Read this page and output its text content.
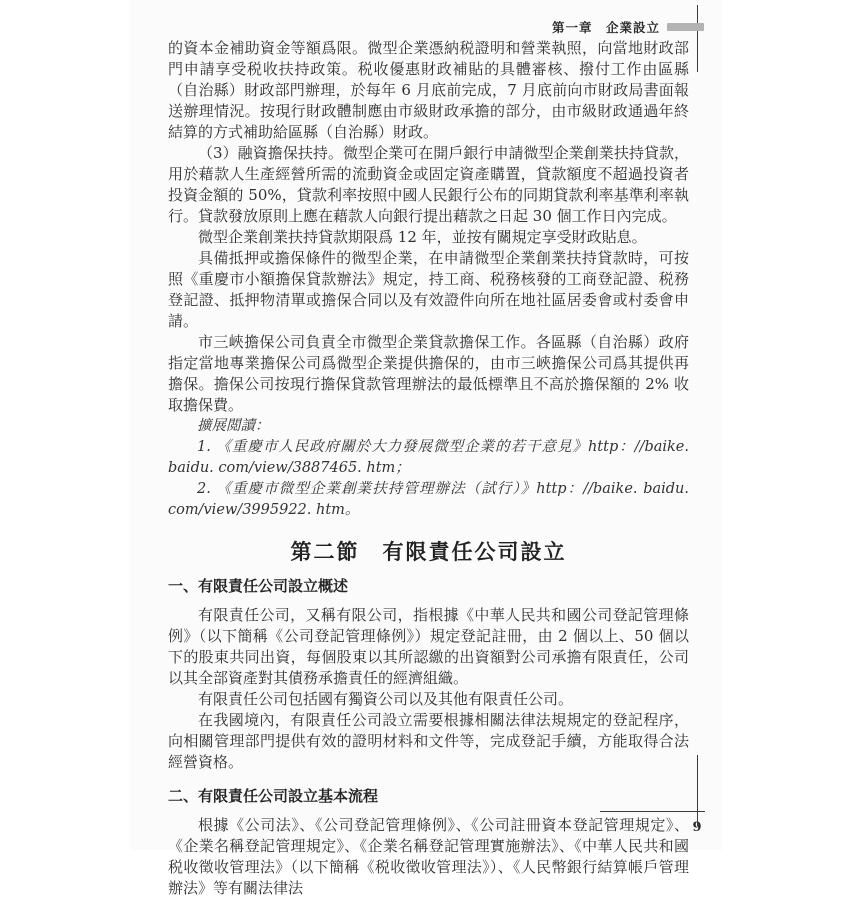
第一章　企業設立

的資本金補助資金等額爲限。微型企業憑納税證明和營業執照，向當地財政部門申請享受税收扶持政策。税收優惠財政補貼的具體審核、撥付工作由區縣（自治縣）財政部門辦理，於每年 6 月底前完成，7 月底前向市財政局書面報送辦理情況。按現行財政體制應由市級財政承擔的部分，由市級財政通過年終結算的方式補助給區縣（自治縣）財政。

（3）融資擔保扶持。微型企業可在開戶銀行申請微型企業創業扶持貸款，用於藉款人生產經營所需的流動資金或固定資產購置，貸款額度不超過投資者投資金額的 50%，貸款利率按照中國人民銀行公布的同期貸款利率基準利率執行。貸款發放原則上應在藉款人向銀行提出藉款之日起 30 個工作日內完成。

微型企業創業扶持貸款期限爲 12 年，並按有關規定享受財政貼息。

具備抵押或擔保條件的微型企業，在申請微型企業創業扶持貸款時，可按照《重慶市小額擔保貸款辦法》規定，持工商、税務核發的工商登記證、税務登記證、抵押物清單或擔保合同以及有效證件向所在地社區居委會或村委會申請。

市三峽擔保公司負責全市微型企業貸款擔保工作。各區縣（自治縣）政府指定當地專業擔保公司爲微型企業提供擔保的，由市三峽擔保公司爲其提供再擔保。擔保公司按現行擔保貸款管理辦法的最低標準且不高於擔保額的 2% 收取擔保費。

擴展閲讀：

1. 《重慶市人民政府關於大力發展微型企業的若干意見》http：//baike. baidu. com/view/3887465. htm；

2. 《重慶市微型企業創業扶持管理辦法（試行）》http：//baike. baidu. com/view/3995922. htm。

第二節　有限責任公司設立
一、有限責任公司設立概述

有限責任公司，又稱有限公司，指根據《中華人民共和國公司登記管理條例》（以下簡稱《公司登記管理條例》）規定登記註冊，由 2 個以上、50 個以下的股東共同出資，每個股東以其所認繳的出資額對公司承擔有限責任，公司以其全部資產對其債務承擔責任的經濟組織。

有限責任公司包括國有獨資公司以及其他有限責任公司。

在我國境內，有限責任公司設立需要根據相關法律法規規定的登記程序，向相關管理部門提供有效的證明材料和文件等，完成登記手續，方能取得合法經營資格。

二、有限責任公司設立基本流程

根據《公司法》、《公司登記管理條例》、《公司註冊資本登記管理規定》、《企業名稱登記管理規定》、《企業名稱登記管理實施辦法》、《中華人民共和國税收徵收管理法》（以下簡稱《税收徵收管理法》）、《人民幣銀行結算帳戶管理辦法》等有關法律法

9
